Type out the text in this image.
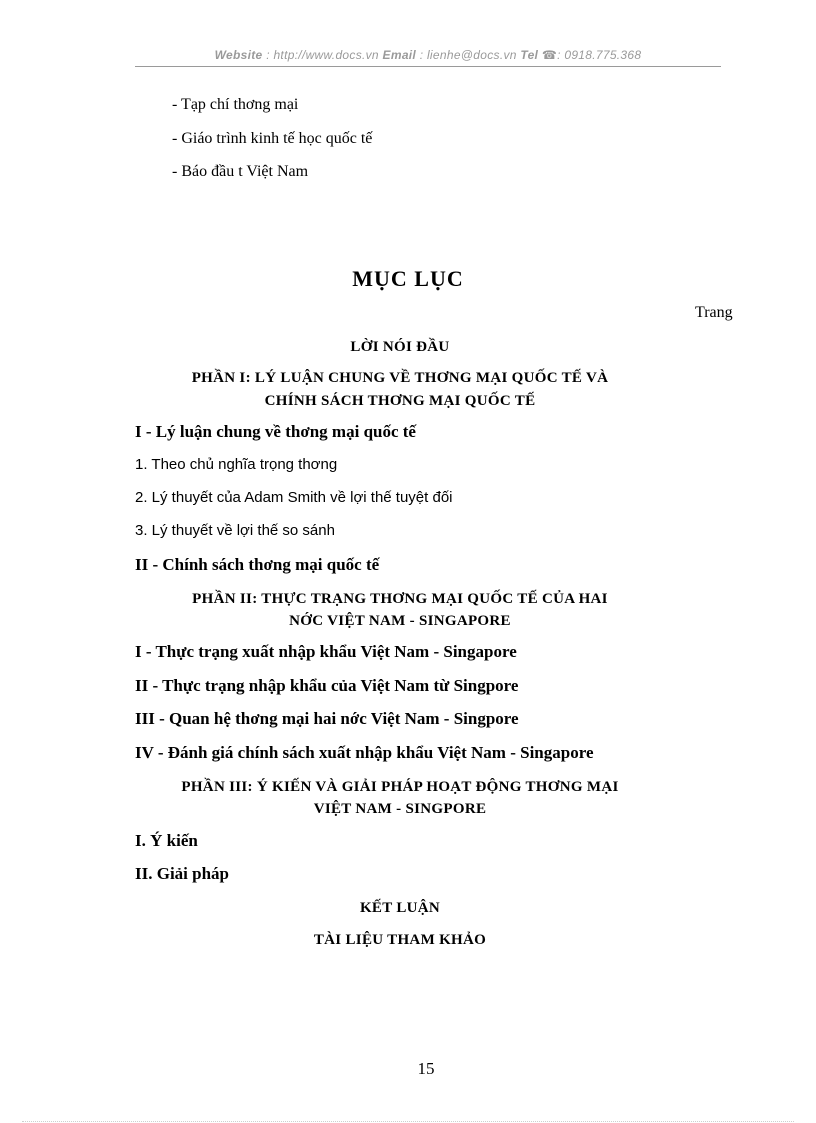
Website : http://www.docs.vn Email : lienhe@docs.vn Tel ☎: 0918.775.368
- Tạp chí thơng mại
- Giáo trình kinh tế học quốc tế
- Báo đầu t Việt Nam
MỤC LỤC
Trang
LỜI NÓI ĐẦU
PHẦN I: LÝ LUẬN CHUNG VỀ THƠNG MẠI QUỐC TẾ VÀ
CHÍNH SÁCH THƠNG MẠI QUỐC TẾ
I - Lý luận chung về thơng mại quốc tế
1. Theo chủ nghĩa trọng thơng
2. Lý thuyết của Adam Smith về lợi thế tuyệt đối
3. Lý thuyết về lợi thế so sánh
II - Chính sách thơng mại quốc tế
PHẦN II: THỰC TRẠNG THƠNG MẠI QUỐC TẾ CỦA HAI
NỚC VIỆT NAM - SINGAPORE
I - Thực trạng xuất nhập khẩu Việt Nam - Singapore
II - Thực trạng nhập khẩu của Việt Nam từ Singpore
III - Quan hệ thơng mại hai nớc Việt Nam - Singpore
IV - Đánh giá chính sách xuất nhập khẩu Việt Nam - Singapore
PHẦN III: Ý KIẾN VÀ GIẢI PHÁP HOẠT ĐỘNG THƠNG MẠI
VIỆT NAM - SINGPORE
I. Ý kiến
II. Giải pháp
KẾT LUẬN
TÀI LIỆU THAM KHẢO
15
